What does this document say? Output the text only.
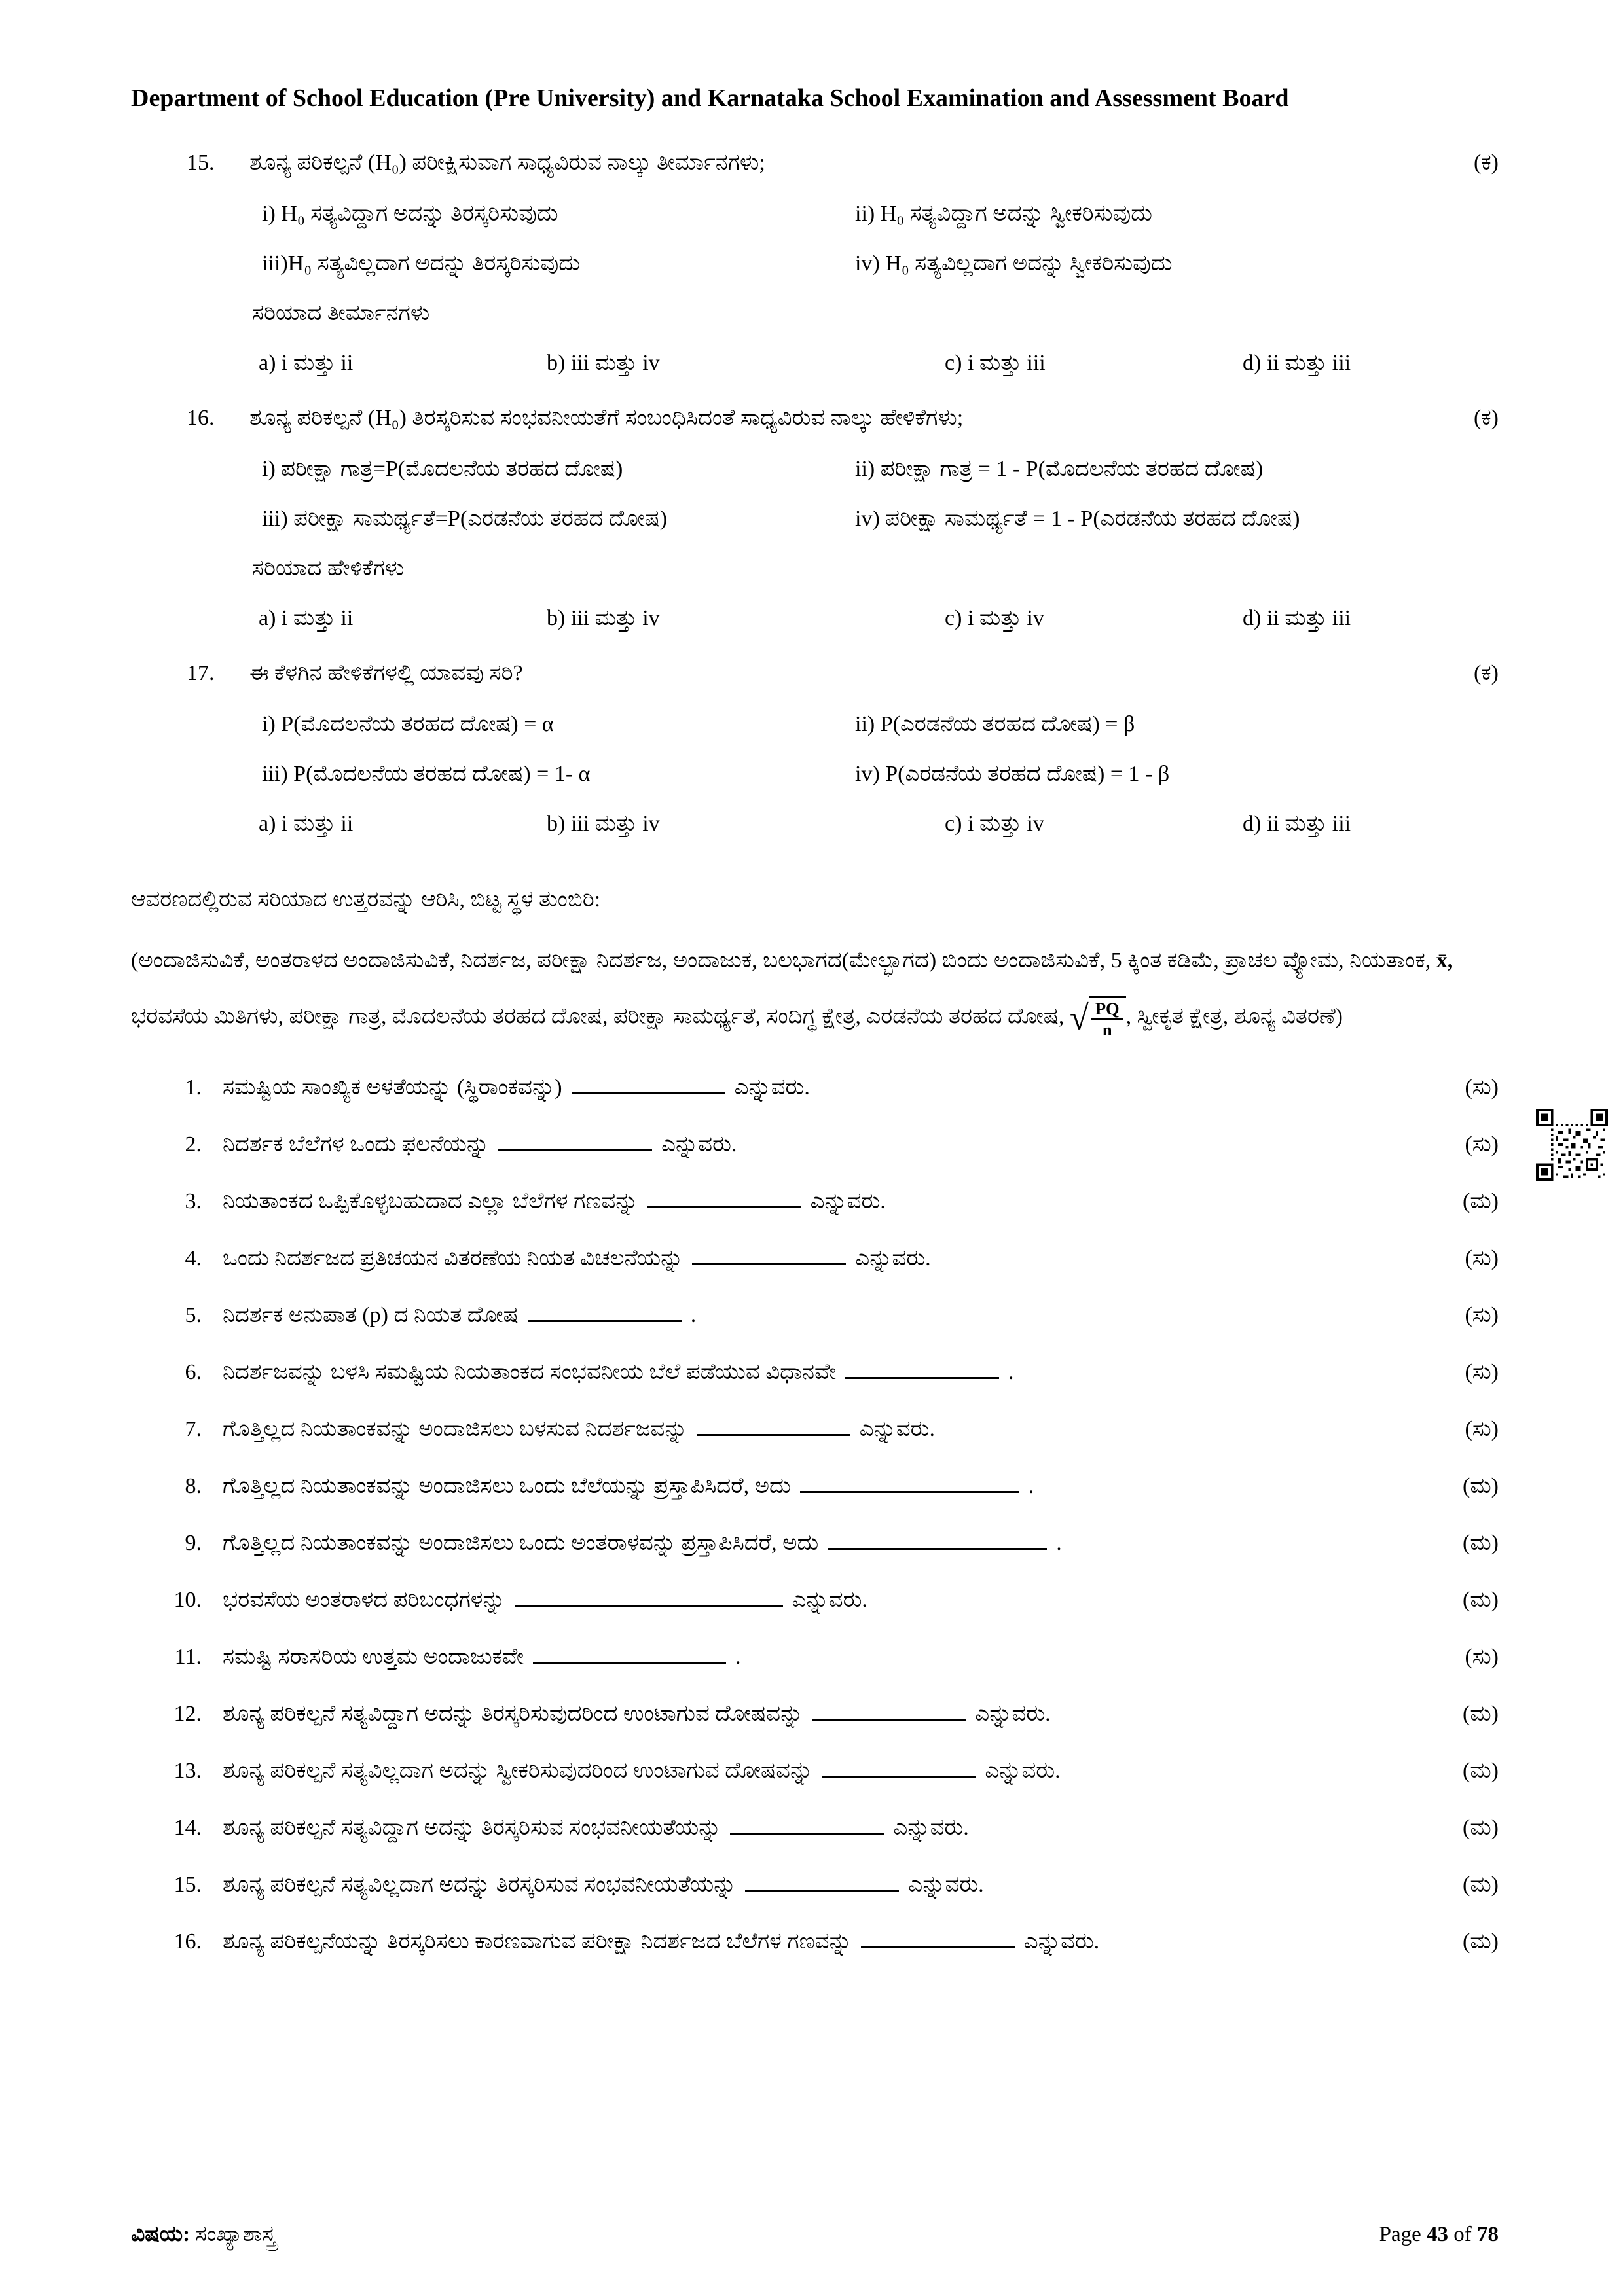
Department of School Education (Pre University) and Karnataka School Examination and Assessment Board
15.	ಶೂನ್ಯ ಪರಿಕಲ್ಪನೆ (H₀) ಪರೀಕ್ಷಿಸುವಾಗ ಸಾಧ್ಯವಿರುವ ನಾಲ್ಕು ತೀರ್ಮಾನಗಳು;	(ಕ)
i) H₀ ಸತ್ಯವಿದ್ದಾಗ ಅದನ್ನು ತಿರಸ್ಕರಿಸುವುದು	ii) H₀ ಸತ್ಯವಿದ್ದಾಗ ಅದನ್ನು ಸ್ವೀಕರಿಸುವುದು
iii)H₀ ಸತ್ಯವಿಲ್ಲದಾಗ ಅದನ್ನು ತಿರಸ್ಕರಿಸುವುದು	iv) H₀ ಸತ್ಯವಿಲ್ಲದಾಗ ಅದನ್ನು ಸ್ವೀಕರಿಸುವುದು
ಸರಿಯಾದ ತೀರ್ಮಾನಗಳು
a) i ಮತ್ತು ii	b) iii ಮತ್ತು iv	c) i ಮತ್ತು iii	d) ii ಮತ್ತು iii
16.	ಶೂನ್ಯ ಪರಿಕಲ್ಪನೆ (H₀) ತಿರಸ್ಕರಿಸುವ ಸಂಭವನೀಯತೆಗೆ ಸಂಬಂಧಿಸಿದಂತೆ ಸಾಧ್ಯವಿರುವ ನಾಲ್ಕು ಹೇಳಿಕೆಗಳು;	(ಕ)
i) ಪರೀಕ್ಷಾ ಗಾತ್ರ=P(ಮೊದಲನೆಯ ತರಹದ ದೋಷ)	ii) ಪರೀಕ್ಷಾ ಗಾತ್ರ = 1 - P(ಮೊದಲನೆಯ ತರಹದ ದೋಷ)
iii) ಪರೀಕ್ಷಾ ಸಾಮರ್ಥ್ಯತೆ=P(ಎರಡನೆಯ ತರಹದ ದೋಷ)	iv) ಪರೀಕ್ಷಾ ಸಾಮರ್ಥ್ಯತೆ = 1 - P(ಎರಡನೆಯ ತರಹದ ದೋಷ)
ಸರಿಯಾದ ಹೇಳಿಕೆಗಳು
a) i ಮತ್ತು ii	b) iii ಮತ್ತು iv	c) i ಮತ್ತು iv	d) ii ಮತ್ತು iii
17.	ಈ ಕೆಳಗಿನ ಹೇಳಿಕೆಗಳಲ್ಲಿ ಯಾವವು ಸರಿ?	(ಕ)
i) P(ಮೊದಲನೆಯ ತರಹದ ದೋಷ) = α	ii) P(ಎರಡನೆಯ ತರಹದ ದೋಷ) = β
iii) P(ಮೊದಲನೆಯ ತರಹದ ದೋಷ) = 1- α	iv) P(ಎರಡನೆಯ ತರಹದ ದೋಷ) = 1 - β
a) i ಮತ್ತು ii	b) iii ಮತ್ತು iv	c) i ಮತ್ತು iv	d) ii ಮತ್ತು iii
ಆವರಣದಲ್ಲಿರುವ ಸರಿಯಾದ ಉತ್ತರವನ್ನು ಆರಿಸಿ, ಬಿಟ್ಟ ಸ್ಥಳ ತುಂಬಿರಿ:
(ಅಂದಾಜಿಸುವಿಕೆ, ಅಂತರಾಳದ ಅಂದಾಜಿಸುವಿಕೆ, ನಿದರ್ಶಜ, ಪರೀಕ್ಷಾ ನಿದರ್ಶಜ, ಅಂದಾಜುಕ, ಬಲಭಾಗದ(ಮೇಲ್ಭಾಗದ) ಬಿಂದು ಅಂದಾಜಿಸುವಿಕೆ, 5 ಕ್ಕಿಂತ ಕಡಿಮೆ, ಪ್ರಾಚಲ ವ್ಯೋಮ, ನಿಯತಾಂಕ, x̄, ಭರವಸೆಯ ಮಿತಿಗಳು, ಪರೀಕ್ಷಾ ಗಾತ್ರ, ಮೊದಲನೆಯ ತರಹದ ದೋಷ, ಪರೀಕ್ಷಾ ಸಾಮರ್ಥ್ಯತೆ, ಸಂದಿಗ್ಧ ಕ್ಷೇತ್ರ, ಎರಡನೆಯ ತರಹದ ದೋಷ, √ $\frac{PQ}{n}$ , ಸ್ವೀಕೃತ ಕ್ಷೇತ್ರ, ಶೂನ್ಯ ವಿತರಣೆ)
1. ಸಮಷ್ಟಿಯ ಸಾಂಖ್ಯಿಕ ಅಳತೆಯನ್ನು (ಸ್ಥಿರಾಂಕವನ್ನು)	ಎನ್ನುವರು.	(ಸು)
2. ನಿದರ್ಶಕ ಬೆಲೆಗಳ ಒಂದು ಫಲನೆಯನ್ನು	ಎನ್ನುವರು.	(ಸು)
3. ನಿಯತಾಂಕದ ಒಪ್ಪಿಕೊಳ್ಳಬಹುದಾದ ಎಲ್ಲಾ ಬೆಲೆಗಳ ಗಣವನ್ನು	ಎನ್ನುವರು.	(ಮ)
4. ಒಂದು ನಿದರ್ಶಜದ ಪ್ರತಿಚಯನ ವಿತರಣೆಯ ನಿಯತ ವಿಚಲನೆಯನ್ನು	ಎನ್ನುವರು.	(ಸು)
5. ನಿದರ್ಶಕ ಅನುಪಾತ (p) ದ ನಿಯತ ದೋಷ	.	(ಸು)
6. ನಿದರ್ಶಜವನ್ನು ಬಳಸಿ ಸಮಷ್ಟಿಯ ನಿಯತಾಂಕದ ಸಂಭವನೀಯ ಬೆಲೆ ಪಡೆಯುವ ವಿಧಾನವೇ	.	(ಸು)
7. ಗೊತ್ತಿಲ್ಲದ ನಿಯತಾಂಕವನ್ನು ಅಂದಾಜಿಸಲು ಬಳಸುವ ನಿದರ್ಶಜವನ್ನು	ಎನ್ನುವರು.	(ಸು)
8. ಗೊತ್ತಿಲ್ಲದ ನಿಯತಾಂಕವನ್ನು ಅಂದಾಜಿಸಲು ಒಂದು ಬೆಲೆಯನ್ನು ಪ್ರಸ್ತಾಪಿಸಿದರೆ, ಅದು	.	(ಮ)
9. ಗೊತ್ತಿಲ್ಲದ ನಿಯತಾಂಕವನ್ನು ಅಂದಾಜಿಸಲು ಒಂದು ಅಂತರಾಳವನ್ನು ಪ್ರಸ್ತಾಪಿಸಿದರೆ, ಅದು	.	(ಮ)
10. ಭರವಸೆಯ ಅಂತರಾಳದ ಪರಿಬಂಧಗಳನ್ನು	ಎನ್ನುವರು.	(ಮ)
11. ಸಮಷ್ಟಿ ಸರಾಸರಿಯ ಉತ್ತಮ ಅಂದಾಜುಕವೇ	.	(ಸು)
12. ಶೂನ್ಯ ಪರಿಕಲ್ಪನೆ ಸತ್ಯವಿದ್ದಾಗ ಅದನ್ನು ತಿರಸ್ಕರಿಸುವುದರಿಂದ ಉಂಟಾಗುವ ದೋಷವನ್ನು	ಎನ್ನುವರು.	(ಮ)
13. ಶೂನ್ಯ ಪರಿಕಲ್ಪನೆ ಸತ್ಯವಿಲ್ಲದಾಗ ಅದನ್ನು ಸ್ವೀಕರಿಸುವುದರಿಂದ ಉಂಟಾಗುವ ದೋಷವನ್ನು	ಎನ್ನುವರು.	(ಮ)
14. ಶೂನ್ಯ ಪರಿಕಲ್ಪನೆ ಸತ್ಯವಿದ್ದಾಗ ಅದನ್ನು ತಿರಸ್ಕರಿಸುವ ಸಂಭವನೀಯತೆಯನ್ನು	ಎನ್ನುವರು.	(ಮ)
15. ಶೂನ್ಯ ಪರಿಕಲ್ಪನೆ ಸತ್ಯವಿಲ್ಲದಾಗ ಅದನ್ನು ತಿರಸ್ಕರಿಸುವ ಸಂಭವನೀಯತೆಯನ್ನು	ಎನ್ನುವರು.	(ಮ)
16. ಶೂನ್ಯ ಪರಿಕಲ್ಪನೆಯನ್ನು ತಿರಸ್ಕರಿಸಲು ಕಾರಣವಾಗುವ ಪರೀಕ್ಷಾ ನಿದರ್ಶಜದ ಬೆಲೆಗಳ ಗಣವನ್ನು	ಎನ್ನುವರು.	(ಮ)
ವಿಷಯ: ಸಂಖ್ಯಾಶಾಸ್ತ್ರ	Page 43 of 78
